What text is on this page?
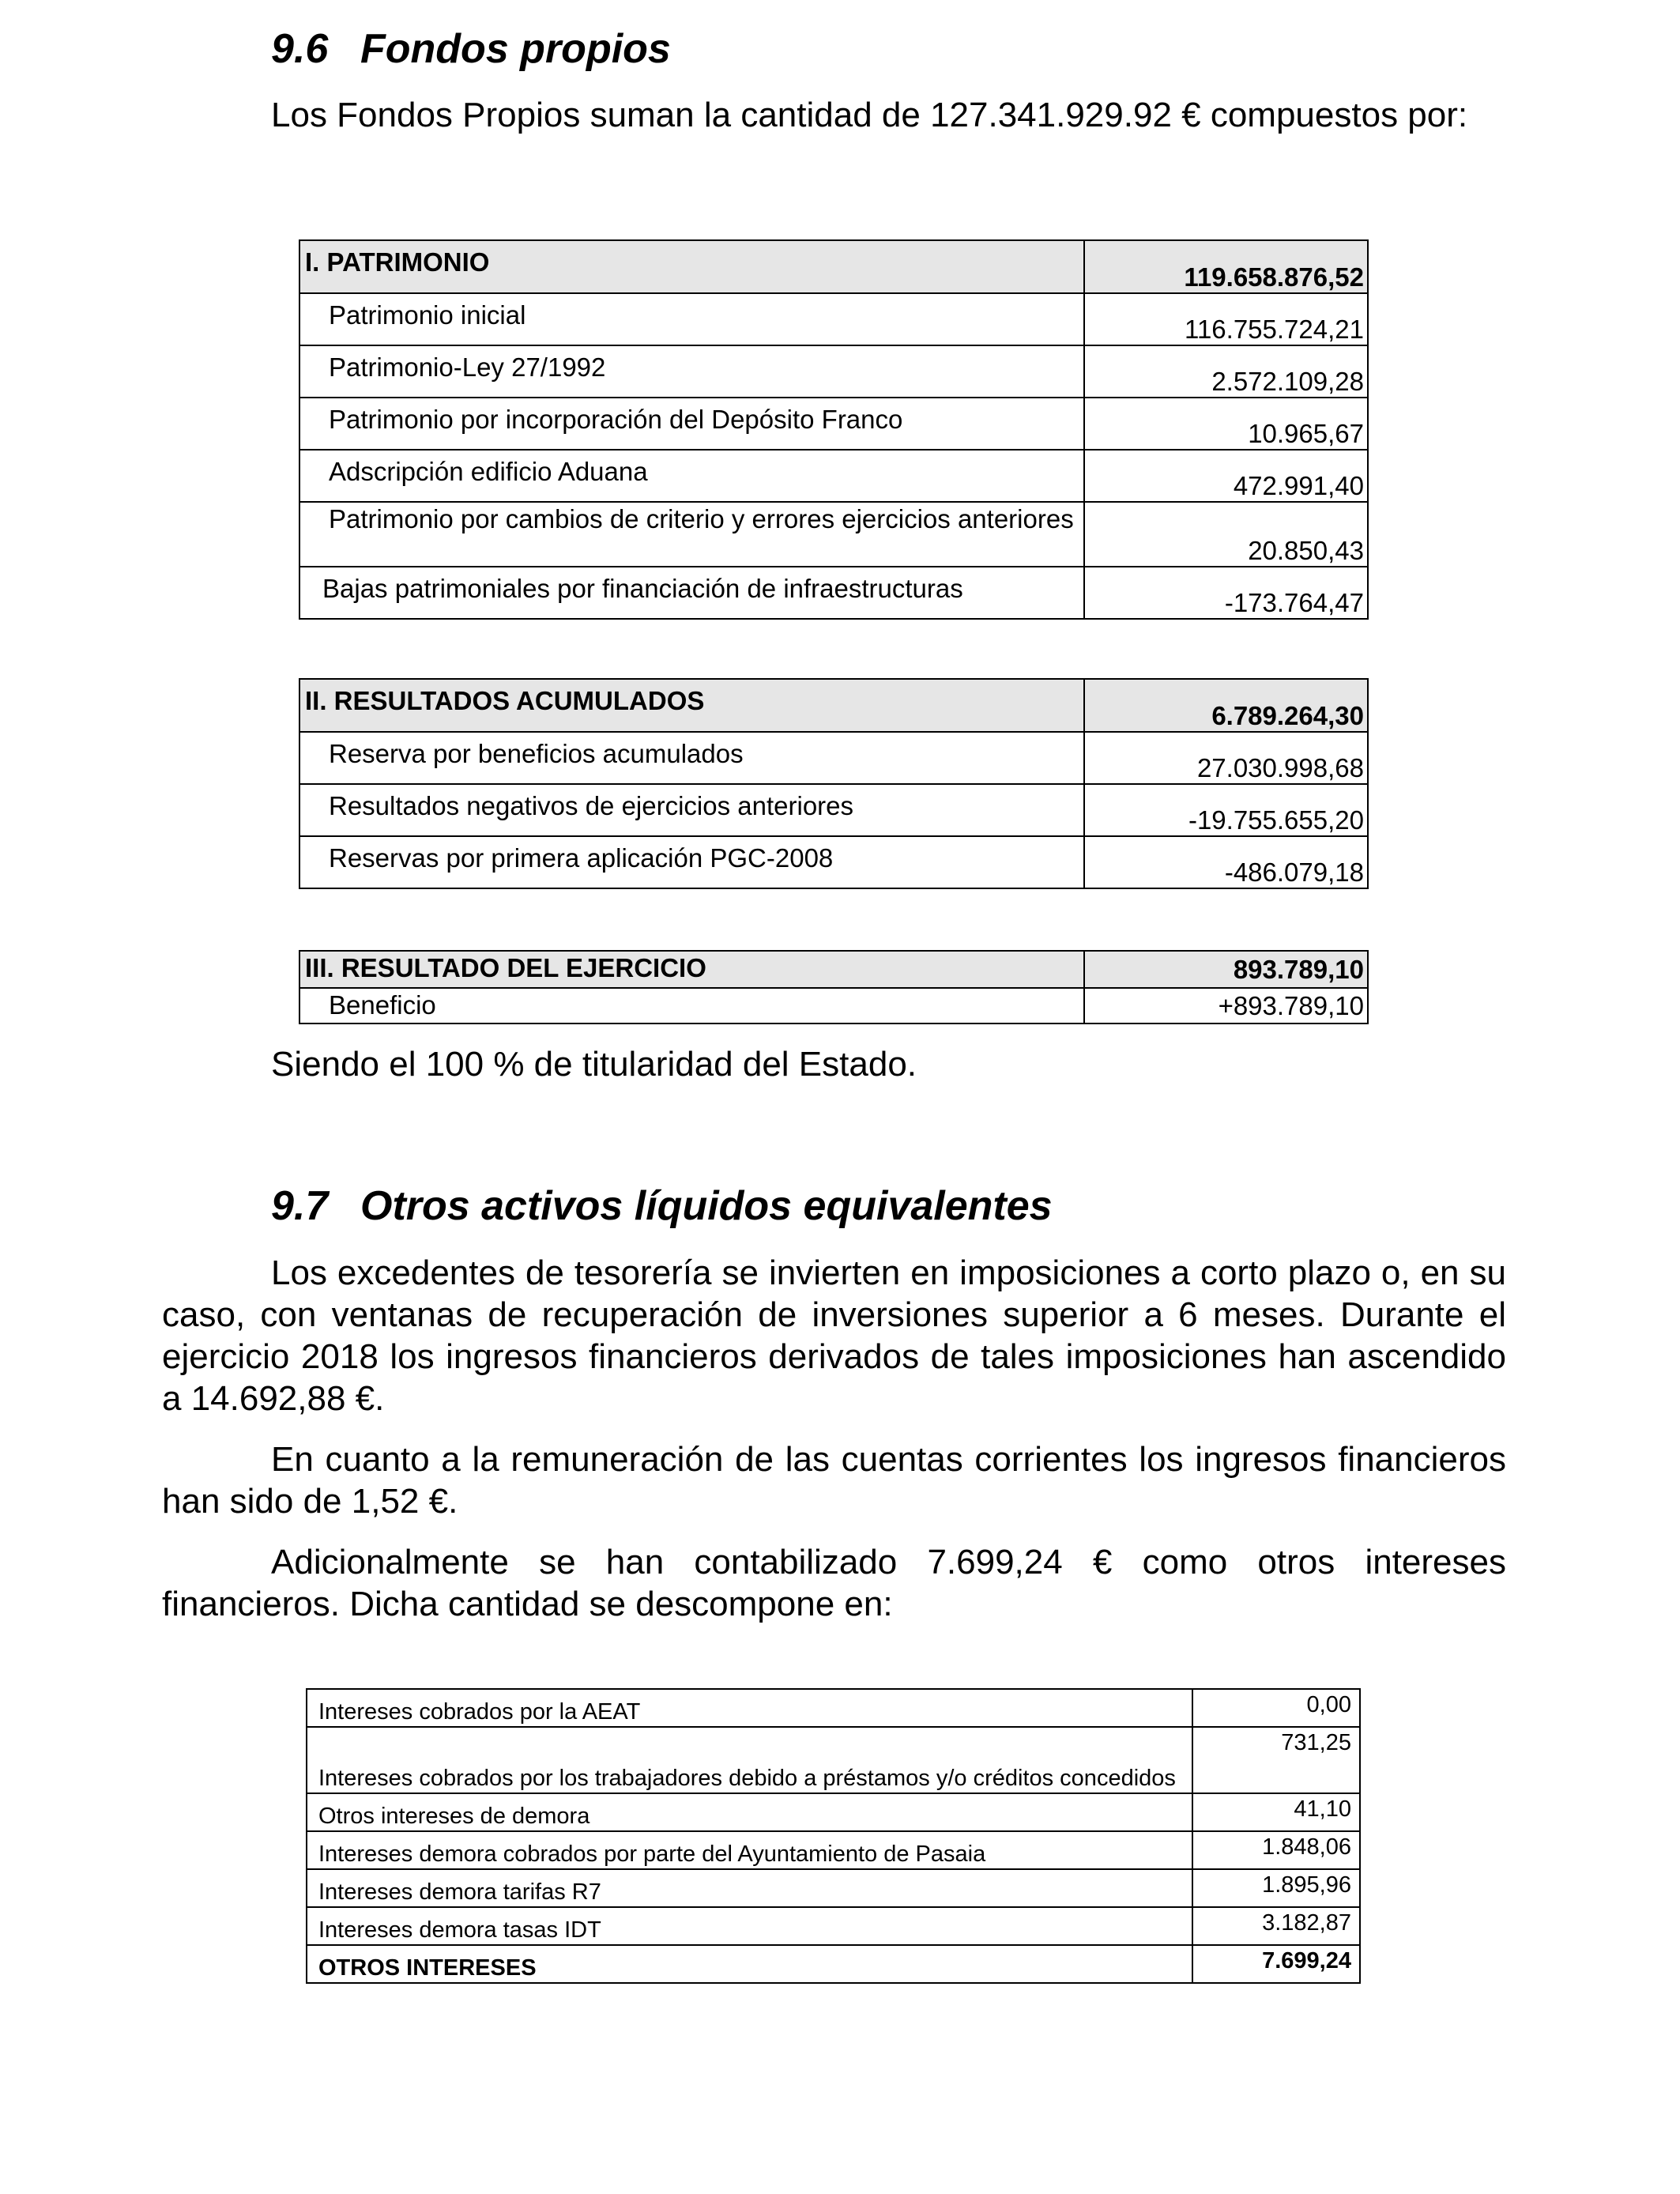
9.6 Fondos propios

Los Fondos Propios suman la cantidad de 127.341.929.92 € compuestos por:

I. PATRIMONIO	119.658.876,52
Patrimonio inicial	116.755.724,21
Patrimonio-Ley 27/1992	2.572.109,28
Patrimonio por incorporación del Depósito Franco	10.965,67
Adscripción edificio Aduana	472.991,40
Patrimonio por cambios de criterio y errores ejercicios anteriores	20.850,43
Bajas patrimoniales por financiación de infraestructuras	-173.764,47
II. RESULTADOS ACUMULADOS	6.789.264,30
Reserva por beneficios acumulados	27.030.998,68
Resultados negativos de ejercicios anteriores	-19.755.655,20
Reservas por primera aplicación PGC-2008	-486.079,18
III. RESULTADO DEL EJERCICIO	893.789,10
Beneficio	+893.789,10

Siendo el 100 % de titularidad del Estado.

9.7 Otros activos líquidos equivalentes

Los excedentes de tesorería se invierten en imposiciones a corto plazo o, en su caso, con ventanas de recuperación de inversiones superior a 6 meses. Durante el ejercicio 2018 los ingresos financieros derivados de tales imposiciones han ascendido a 14.692,88 €.

En cuanto a la remuneración de las cuentas corrientes los ingresos financieros han sido de 1,52 €.

Adicionalmente se han contabilizado 7.699,24 € como otros intereses financieros. Dicha cantidad se descompone en:

Intereses cobrados por la AEAT	0,00
Intereses cobrados por los trabajadores debido a préstamos y/o créditos concedidos	731,25
Otros intereses de demora	41,10
Intereses demora cobrados por parte del Ayuntamiento de Pasaia	1.848,06
Intereses demora tarifas R7	1.895,96
Intereses demora tasas IDT	3.182,87
OTROS INTERESES	7.699,24
